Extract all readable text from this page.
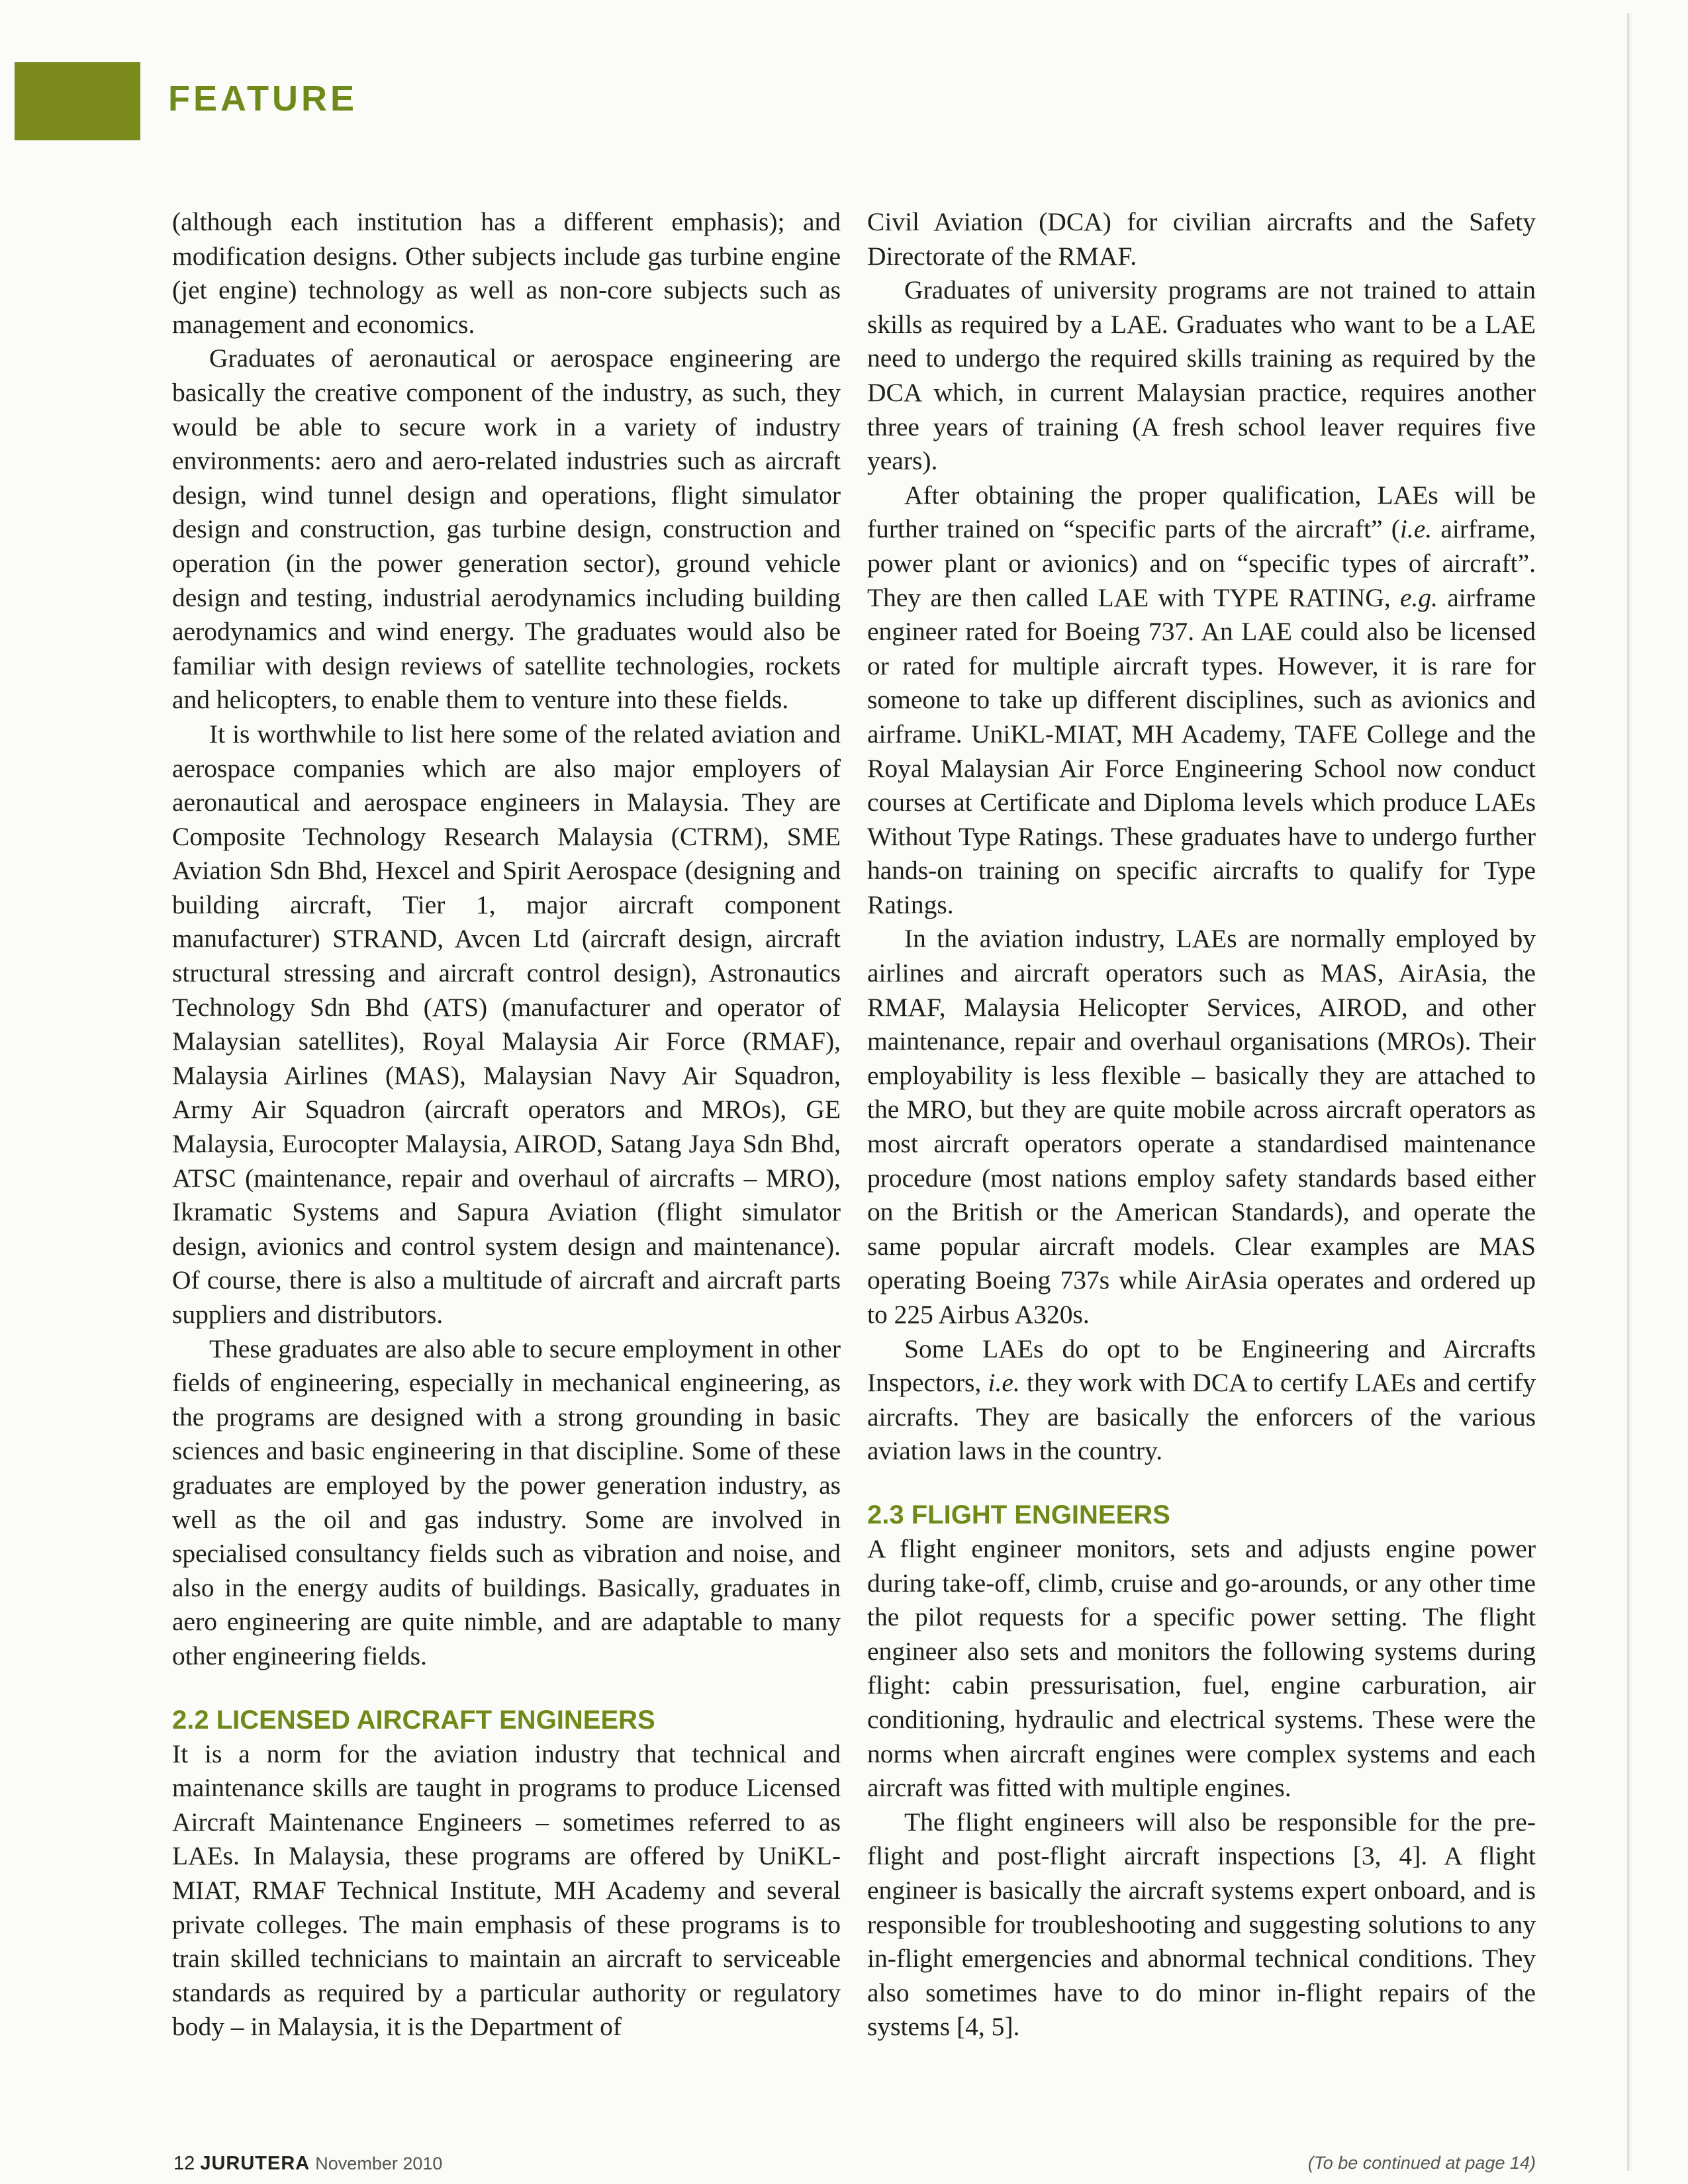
FEATURE

(although each institution has a different emphasis); and modification designs. Other subjects include gas turbine engine (jet engine) technology as well as non-core subjects such as management and economics.

Graduates of aeronautical or aerospace engineering are basically the creative component of the industry, as such, they would be able to secure work in a variety of industry environments: aero and aero-related industries such as aircraft design, wind tunnel design and operations, flight simulator design and construction, gas turbine design, construction and operation (in the power generation sector), ground vehicle design and testing, industrial aerodynamics including building aerodynamics and wind energy. The graduates would also be familiar with design reviews of satellite technologies, rockets and helicopters, to enable them to venture into these fields.

It is worthwhile to list here some of the related aviation and aerospace companies which are also major employers of aeronautical and aerospace engineers in Malaysia. They are Composite Technology Research Malaysia (CTRM), SME Aviation Sdn Bhd, Hexcel and Spirit Aerospace (designing and building aircraft, Tier 1, major aircraft component manufacturer) STRAND, Avcen Ltd (aircraft design, aircraft structural stressing and aircraft control design), Astronautics Technology Sdn Bhd (ATS) (manufacturer and operator of Malaysian satellites), Royal Malaysia Air Force (RMAF), Malaysia Airlines (MAS), Malaysian Navy Air Squadron, Army Air Squadron (aircraft operators and MROs), GE Malaysia, Eurocopter Malaysia, AIROD, Satang Jaya Sdn Bhd, ATSC (maintenance, repair and overhaul of aircrafts – MRO), Ikramatic Systems and Sapura Aviation (flight simulator design, avionics and control system design and maintenance). Of course, there is also a multitude of aircraft and aircraft parts suppliers and distributors.

These graduates are also able to secure employment in other fields of engineering, especially in mechanical engineering, as the programs are designed with a strong grounding in basic sciences and basic engineering in that discipline. Some of these graduates are employed by the power generation industry, as well as the oil and gas industry. Some are involved in specialised consultancy fields such as vibration and noise, and also in the energy audits of buildings. Basically, graduates in aero engineering are quite nimble, and are adaptable to many other engineering fields.

2.2 LICENSED AIRCRAFT ENGINEERS

It is a norm for the aviation industry that technical and maintenance skills are taught in programs to produce Licensed Aircraft Maintenance Engineers – sometimes referred to as LAEs. In Malaysia, these programs are offered by UniKL-MIAT, RMAF Technical Institute, MH Academy and several private colleges. The main emphasis of these programs is to train skilled technicians to maintain an aircraft to serviceable standards as required by a particular authority or regulatory body – in Malaysia, it is the Department of

Civil Aviation (DCA) for civilian aircrafts and the Safety Directorate of the RMAF.

Graduates of university programs are not trained to attain skills as required by a LAE. Graduates who want to be a LAE need to undergo the required skills training as required by the DCA which, in current Malaysian practice, requires another three years of training (A fresh school leaver requires five years).

After obtaining the proper qualification, LAEs will be further trained on “specific parts of the aircraft” (i.e. airframe, power plant or avionics) and on “specific types of aircraft”. They are then called LAE with TYPE RATING, e.g. airframe engineer rated for Boeing 737. An LAE could also be licensed or rated for multiple aircraft types. However, it is rare for someone to take up different disciplines, such as avionics and airframe. UniKL-MIAT, MH Academy, TAFE College and the Royal Malaysian Air Force Engineering School now conduct courses at Certificate and Diploma levels which produce LAEs Without Type Ratings. These graduates have to undergo further hands-on training on specific aircrafts to qualify for Type Ratings.

In the aviation industry, LAEs are normally employed by airlines and aircraft operators such as MAS, AirAsia, the RMAF, Malaysia Helicopter Services, AIROD, and other maintenance, repair and overhaul organisations (MROs). Their employability is less flexible – basically they are attached to the MRO, but they are quite mobile across aircraft operators as most aircraft operators operate a standardised maintenance procedure (most nations employ safety standards based either on the British or the American Standards), and operate the same popular aircraft models. Clear examples are MAS operating Boeing 737s while AirAsia operates and ordered up to 225 Airbus A320s.

Some LAEs do opt to be Engineering and Aircrafts Inspectors, i.e. they work with DCA to certify LAEs and certify aircrafts. They are basically the enforcers of the various aviation laws in the country.

2.3 FLIGHT ENGINEERS

A flight engineer monitors, sets and adjusts engine power during take-off, climb, cruise and go-arounds, or any other time the pilot requests for a specific power setting. The flight engineer also sets and monitors the following systems during flight: cabin pressurisation, fuel, engine carburation, air conditioning, hydraulic and electrical systems. These were the norms when aircraft engines were complex systems and each aircraft was fitted with multiple engines.

The flight engineers will also be responsible for the pre-flight and post-flight aircraft inspections [3, 4]. A flight engineer is basically the aircraft systems expert onboard, and is responsible for troubleshooting and suggesting solutions to any in-flight emergencies and abnormal technical conditions. They also sometimes have to do minor in-flight repairs of the systems [4, 5].

12 JURUTERA November 2010	(To be continued at page 14)
